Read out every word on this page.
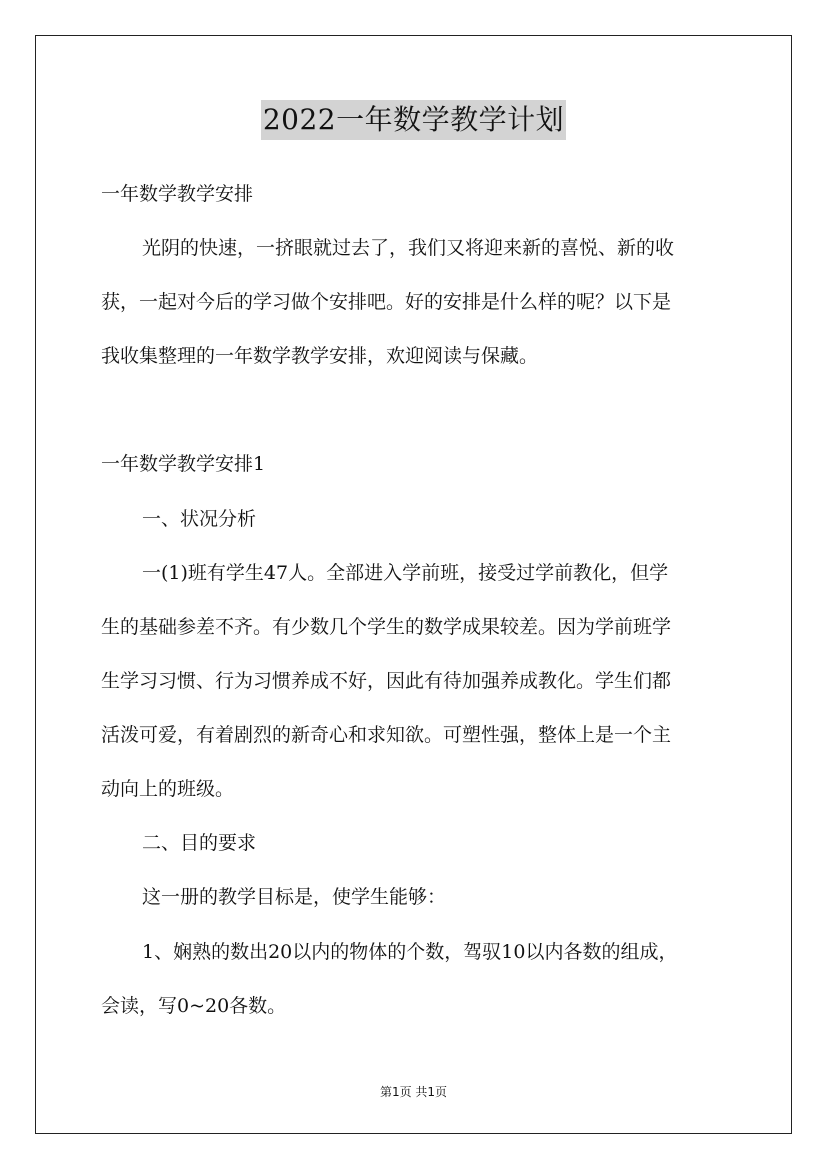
2022一年数学教学计划
一年数学教学安排
光阴的快速，一挤眼就过去了，我们又将迎来新的喜悦、新的收
获，一起对今后的学习做个安排吧。好的安排是什么样的呢？以下是
我收集整理的一年数学教学安排，欢迎阅读与保藏。
一年数学教学安排1
一、状况分析
一(1)班有学生47人。全部进入学前班，接受过学前教化，但学
生的基础参差不齐。有少数几个学生的数学成果较差。因为学前班学
生学习习惯、行为习惯养成不好，因此有待加强养成教化。学生们都
活泼可爱，有着剧烈的新奇心和求知欲。可塑性强，整体上是一个主
动向上的班级。
二、目的要求
这一册的教学目标是，使学生能够：
1、娴熟的数出20以内的物体的个数，驾驭10以内各数的组成，
会读，写0~20各数。
第1页 共1页
